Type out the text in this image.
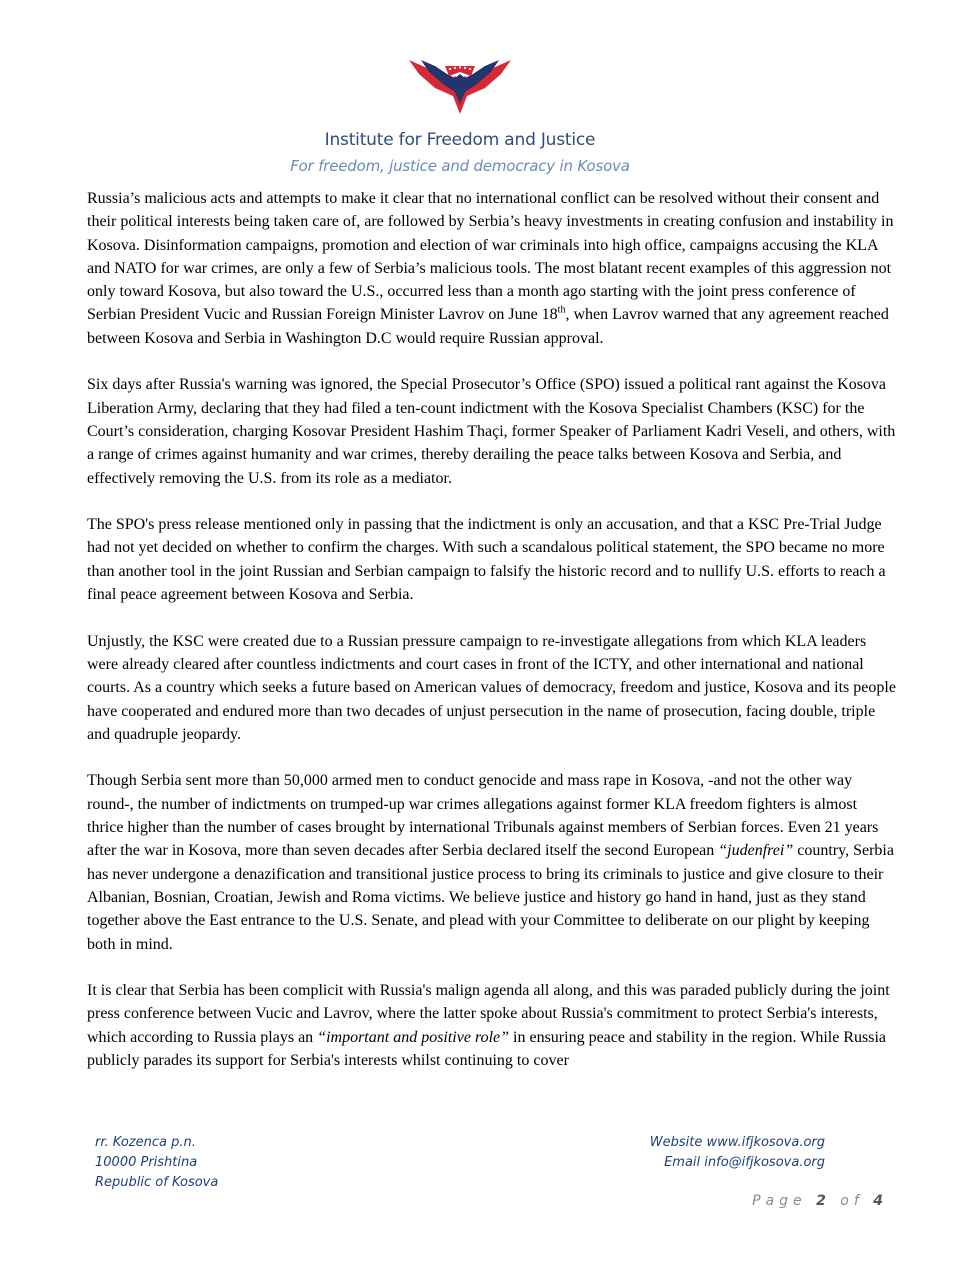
Institute for Freedom and Justice
For freedom, justice and democracy in Kosova

Russia’s malicious acts and attempts to make it clear that no international conflict can be resolved without their consent and their political interests being taken care of, are followed by Serbia’s heavy investments in creating confusion and instability in Kosova. Disinformation campaigns, promotion and election of war criminals into high office, campaigns accusing the KLA and NATO for war crimes, are only a few of Serbia’s malicious tools. The most blatant recent examples of this aggression not only toward Kosova, but also toward the U.S., occurred less than a month ago starting with the joint press conference of Serbian President Vucic and Russian Foreign Minister Lavrov on June 18th, when Lavrov warned that any agreement reached between Kosova and Serbia in Washington D.C would require Russian approval.

Six days after Russia's warning was ignored, the Special Prosecutor’s Office (SPO) issued a political rant against the Kosova Liberation Army, declaring that they had filed a ten-count indictment with the Kosova Specialist Chambers (KSC) for the Court’s consideration, charging Kosovar President Hashim Thaçi, former Speaker of Parliament Kadri Veseli, and others, with a range of crimes against humanity and war crimes, thereby derailing the peace talks between Kosova and Serbia, and effectively removing the U.S. from its role as a mediator.

The SPO's press release mentioned only in passing that the indictment is only an accusation, and that a KSC Pre-Trial Judge had not yet decided on whether to confirm the charges. With such a scandalous political statement, the SPO became no more than another tool in the joint Russian and Serbian campaign to falsify the historic record and to nullify U.S. efforts to reach a final peace agreement between Kosova and Serbia.

Unjustly, the KSC were created due to a Russian pressure campaign to re-investigate allegations from which KLA leaders were already cleared after countless indictments and court cases in front of the ICTY, and other international and national courts. As a country which seeks a future based on American values of democracy, freedom and justice, Kosova and its people have cooperated and endured more than two decades of unjust persecution in the name of prosecution, facing double, triple and quadruple jeopardy.

Though Serbia sent more than 50,000 armed men to conduct genocide and mass rape in Kosova, -and not the other way round-, the number of indictments on trumped-up war crimes allegations against former KLA freedom fighters is almost thrice higher than the number of cases brought by international Tribunals against members of Serbian forces. Even 21 years after the war in Kosova, more than seven decades after Serbia declared itself the second European “judenfrei” country, Serbia has never undergone a denazification and transitional justice process to bring its criminals to justice and give closure to their Albanian, Bosnian, Croatian, Jewish and Roma victims. We believe justice and history go hand in hand, just as they stand together above the East entrance to the U.S. Senate, and plead with your Committee to deliberate on our plight by keeping both in mind.

It is clear that Serbia has been complicit with Russia's malign agenda all along, and this was paraded publicly during the joint press conference between Vucic and Lavrov, where the latter spoke about Russia's commitment to protect Serbia's interests, which according to Russia plays an “important and positive role” in ensuring peace and stability in the region. While Russia publicly parades its support for Serbia's interests whilst continuing to cover

rr. Kozenca p.n.
10000 Prishtina
Republic of Kosova
Website www.ifjkosova.org
Email info@ifjkosova.org
Page 2 of 4
